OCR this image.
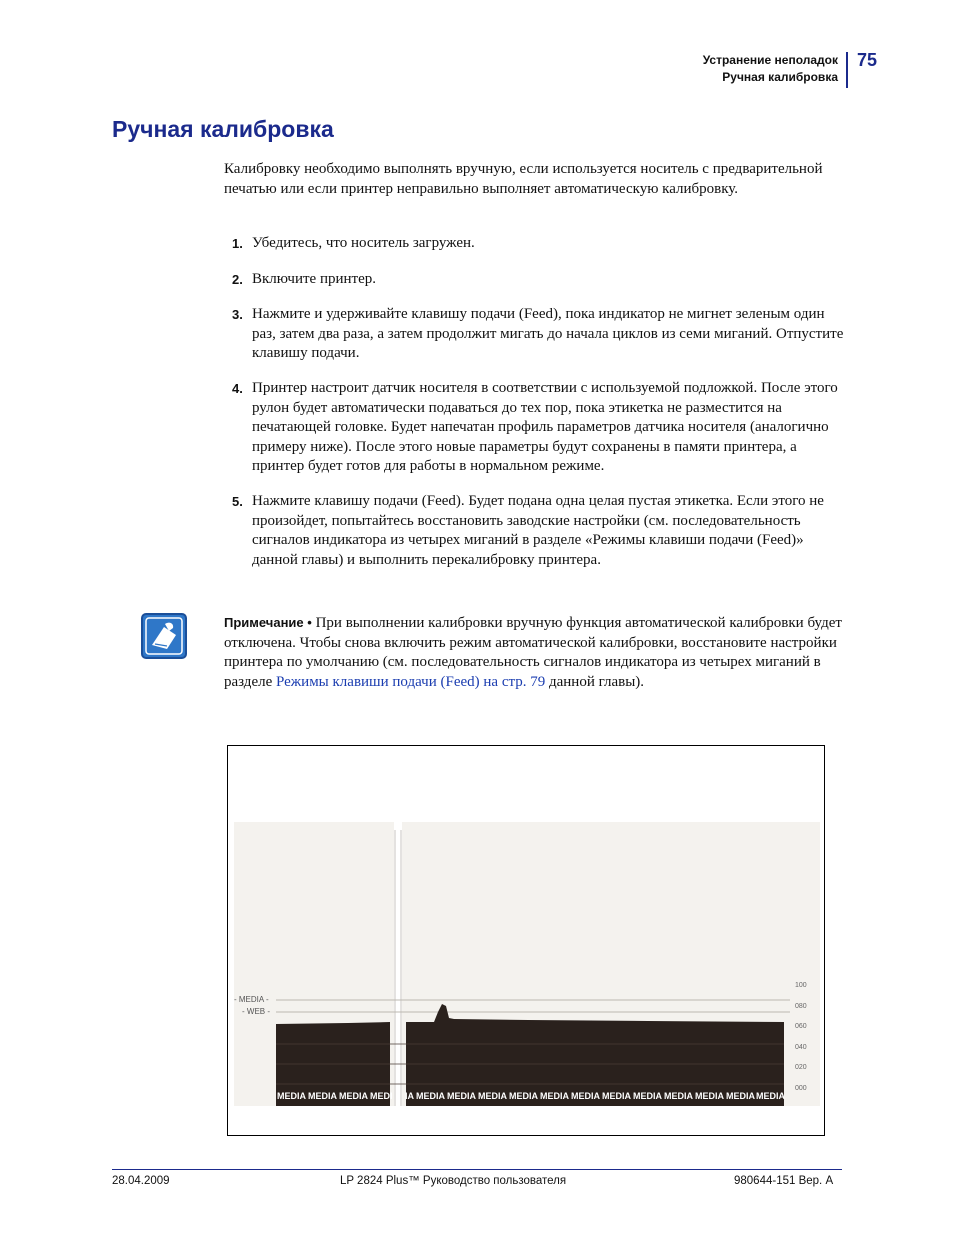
Устранение неполадок
Ручная калибровка
75
Ручная калибровка

Калибровку необходимо выполнять вручную, если используется носитель с предварительной печатью или если принтер неправильно выполняет автоматическую калибровку.

1. Убедитесь, что носитель загружен.
2. Включите принтер.
3. Нажмите и удерживайте клавишу подачи (Feed), пока индикатор не мигнет зеленым один раз, затем два раза, а затем продолжит мигать до начала циклов из семи миганий. Отпустите клавишу подачи.
4. Принтер настроит датчик носителя в соответствии с используемой подложкой. После этого рулон будет автоматически подаваться до тех пор, пока этикетка не разместится на печатающей головке. Будет напечатан профиль параметров датчика носителя (аналогично примеру ниже). После этого новые параметры будут сохранены в памяти принтера, а принтер будет готов для работы в нормальном режиме.
5. Нажмите клавишу подачи (Feed). Будет подана одна целая пустая этикетка. Если этого не произойдет, попытайтесь восстановить заводские настройки (см. последовательность сигналов индикатора из четырех миганий в разделе «Режимы клавиши подачи (Feed)» данной главы) и выполнить перекалибровку принтера.
Примечание • При выполнении калибровки вручную функция автоматической калибровки будет отключена. Чтобы снова включить режим автоматической калибровки, восстановите настройки принтера по умолчанию (см. последовательность сигналов индикатора из четырех миганий в разделе Режимы клавиши подачи (Feed) на стр. 79 данной главы).
- MEDIA -
- WEB -
100
080
060
040
020
000
MEDIA MEDIA MEDIA MEDI IA MEDIA MEDIA MEDIA MEDIA MEDIA MEDIA MEDIA MEDIA MEDIA MEDIA MEDIA MEDIA
28.04.2009	LP 2824 Plus™ Руководство пользователя	980644-151 Вер. A
